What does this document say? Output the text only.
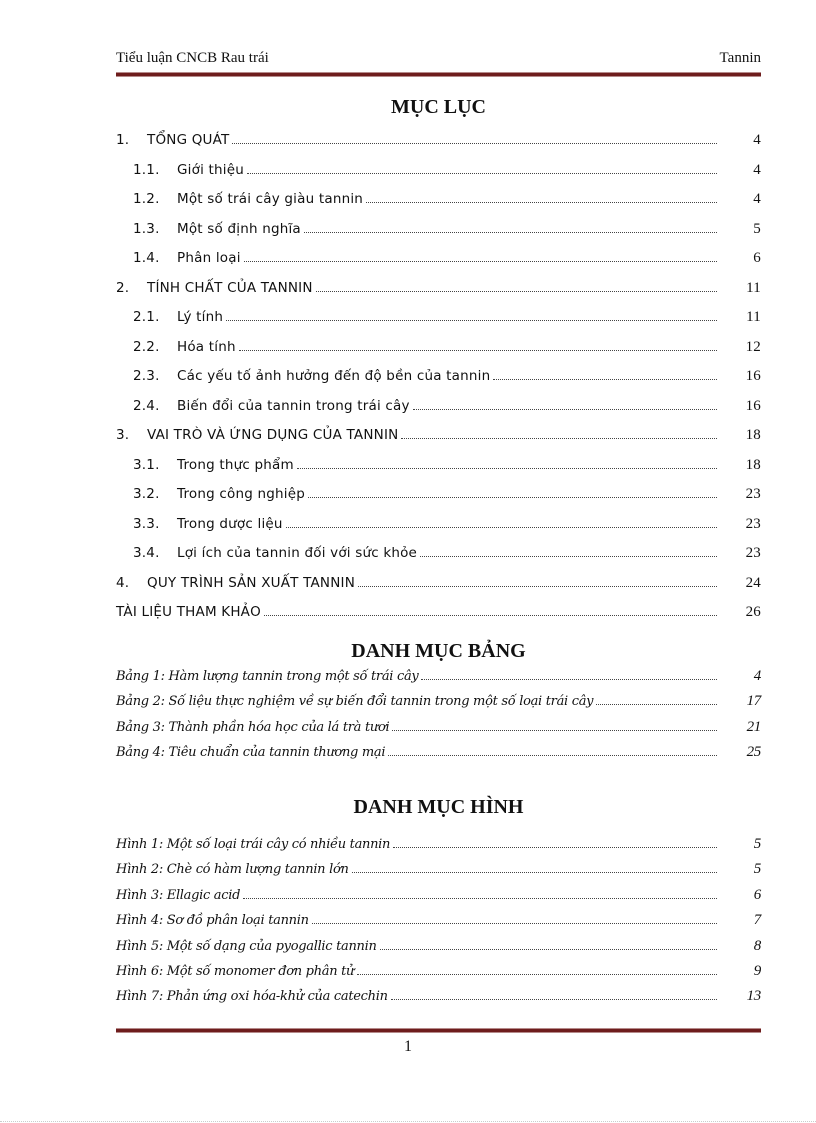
Tiểu luận CNCB Rau trái	Tannin
MỤC LỤC
1.	TỔNG QUÁT	4
1.1.	Giới thiệu	4
1.2.	Một số trái cây giàu tannin	4
1.3.	Một số định nghĩa	5
1.4.	Phân loại	6
2.	TÍNH CHẤT CỦA TANNIN	11
2.1.	Lý tính	11
2.2.	Hóa tính	12
2.3.	Các yếu tố ảnh hưởng đến độ bền của tannin	16
2.4.	Biến đổi của tannin trong trái cây	16
3.	VAI TRÒ VÀ ỨNG DỤNG CỦA TANNIN	18
3.1.	Trong thực phẩm	18
3.2.	Trong công nghiệp	23
3.3.	Trong dược liệu	23
3.4.	Lợi ích của tannin đối với sức khỏe	23
4.	QUY TRÌNH SẢN XUẤT TANNIN	24
TÀI LIỆU THAM KHẢO	26
DANH MỤC BẢNG
Bảng 1: Hàm lượng tannin trong một số trái cây	4
Bảng 2: Số liệu thực nghiệm về sự biến đổi tannin trong một số loại trái cây	17
Bảng 3: Thành phần hóa học của lá trà tươi	21
Bảng 4: Tiêu chuẩn của tannin thương mại	25
DANH MỤC HÌNH
Hình 1: Một số loại trái cây có nhiều tannin	5
Hình 2: Chè có hàm lượng tannin lớn	5
Hình 3: Ellagic acid	6
Hình 4: Sơ đồ phân loại tannin	7
Hình 5: Một số dạng của pyogallic tannin	8
Hình 6: Một số monomer đơn phân tử	9
Hình 7: Phản ứng oxi hóa-khử của catechin	13
1
